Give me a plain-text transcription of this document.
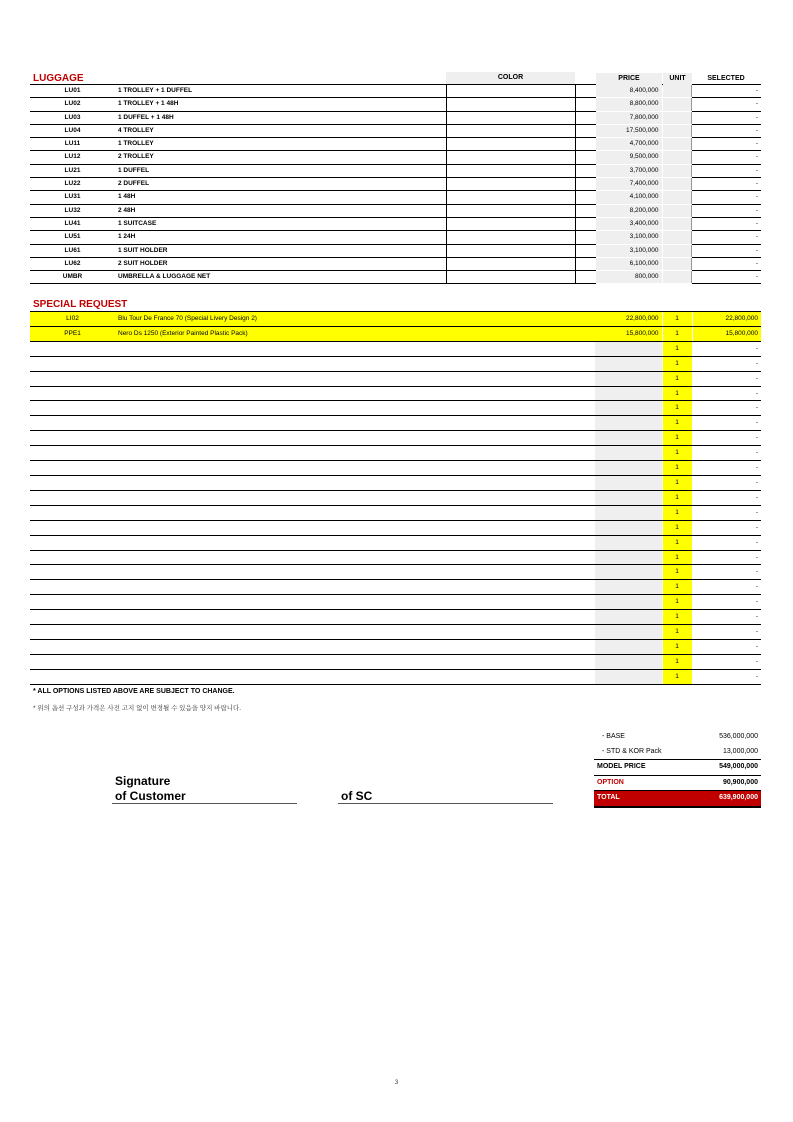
LUGGAGE	COLOR	PRICE	UNIT	SELECTED
LU01	1 TROLLEY + 1 DUFFEL			8,400,000		-
LU02	1 TROLLEY + 1 48H			8,800,000		-
LU03	1 DUFFEL + 1 48H			7,800,000		-
LU04	4 TROLLEY			17,500,000		-
LU11	1 TROLLEY			4,700,000		-
LU12	2 TROLLEY			9,500,000		-
LU21	1 DUFFEL			3,700,000		-
LU22	2 DUFFEL			7,400,000		-
LU31	1 48H			4,100,000		-
LU32	2 48H			8,200,000		-
LU41	1 SUITCASE			3,400,000		-
LU51	1 24H			3,100,000		-
LU61	1 SUIT HOLDER			3,100,000		-
LU62	2 SUIT HOLDER			6,100,000		-
UMBR	UMBRELLA & LUGGAGE NET			800,000		-
SPECIAL REQUEST
LI02	Blu Tour De France 70 (Special Livery Design 2)	22,800,000	1	22,800,000
PPE1	Nero Ds 1250 (Exterior Painted Plastic Pack)	15,800,000	1	15,800,000
			1	-
			1	-
			1	-
			1	-
			1	-
			1	-
			1	-
			1	-
			1	-
			1	-
			1	-
			1	-
			1	-
			1	-
			1	-
			1	-
			1	-
			1	-
			1	-
			1	-
			1	-
			1	-
			1	-
* ALL OPTIONS LISTED ABOVE ARE SUBJECT TO CHANGE.
* 위의 옵션 구성과 가격은 사전 고지 없이 변경될 수 있음을 양지 바랍니다.
- BASE	536,000,000
- STD & KOR Pack	13,000,000
MODEL PRICE	549,000,000
OPTION	90,900,000
TOTAL	639,900,000
Signature
of Customer	of SC
3
